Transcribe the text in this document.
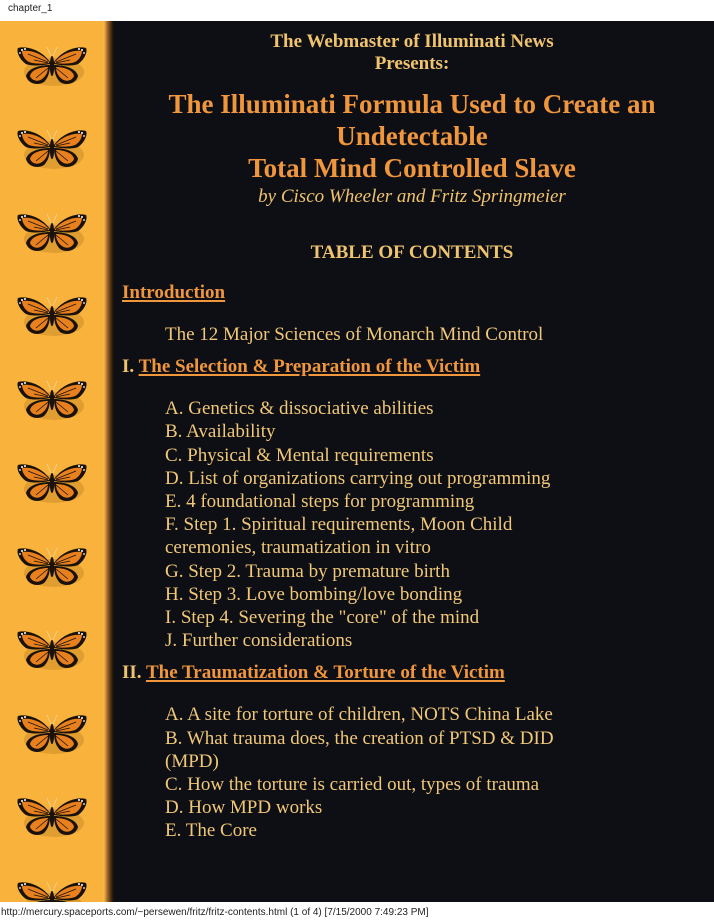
chapter_1
The Webmaster of Illuminati News
Presents:
The Illuminati Formula Used to Create an
Undetectable
Total Mind Controlled Slave
by Cisco Wheeler and Fritz Springmeier
TABLE OF CONTENTS
Introduction
The 12 Major Sciences of Monarch Mind Control
I. The Selection & Preparation of the Victim
A. Genetics & dissociative abilities
B. Availability
C. Physical & Mental requirements
D. List of organizations carrying out programming
E. 4 foundational steps for programming
F. Step 1. Spiritual requirements, Moon Child ceremonies, traumatization in vitro
G. Step 2. Trauma by premature birth
H. Step 3. Love bombing/love bonding
I. Step 4. Severing the "core" of the mind
J. Further considerations
II. The Traumatization & Torture of the Victim
A. A site for torture of children, NOTS China Lake
B. What trauma does, the creation of PTSD & DID (MPD)
C. How the torture is carried out, types of trauma
D. How MPD works
E. The Core
http://mercury.spaceports.com/~persewen/fritz/fritz-contents.html (1 of 4) [7/15/2000 7:49:23 PM]
